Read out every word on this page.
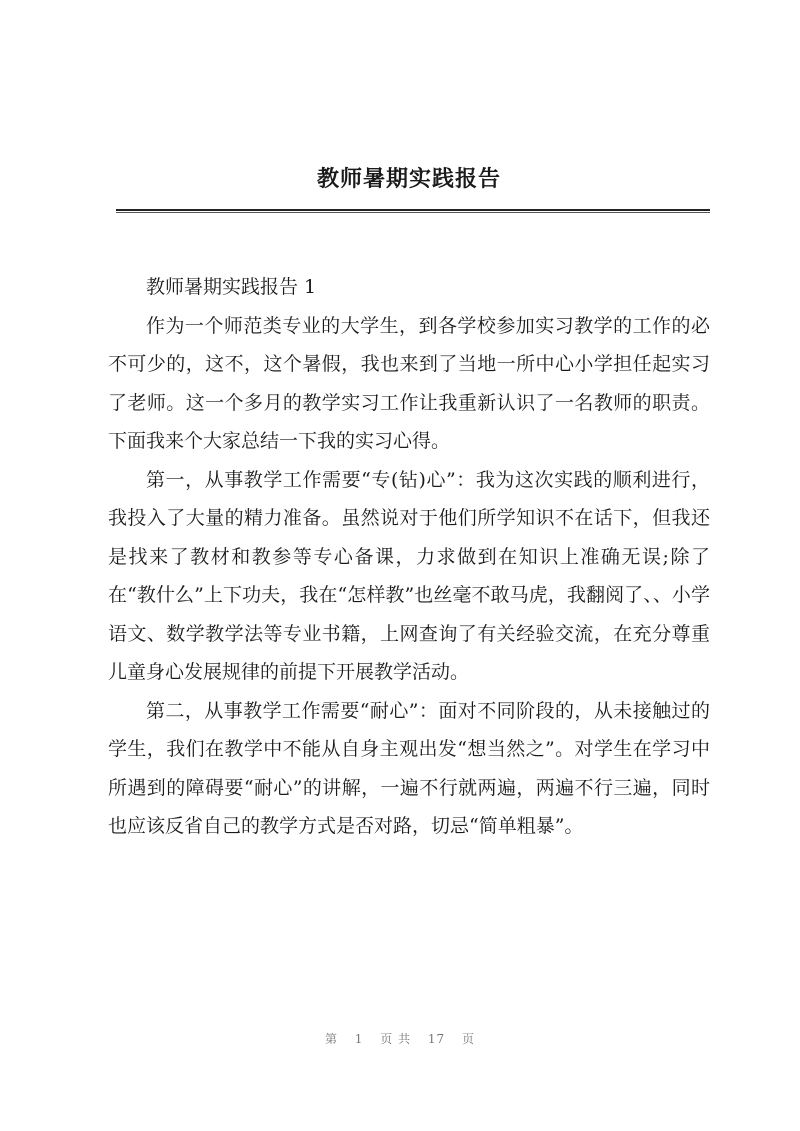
教师暑期实践报告

教师暑期实践报告 1

作为一个师范类专业的大学生，到各学校参加实习教学的工作的必不可少的，这不，这个暑假，我也来到了当地一所中心小学担任起实习了老师。这一个多月的教学实习工作让我重新认识了一名教师的职责。下面我来个大家总结一下我的实习心得。

第一，从事教学工作需要“专(钻)心”：我为这次实践的顺利进行，我投入了大量的精力准备。虽然说对于他们所学知识不在话下，但我还是找来了教材和教参等专心备课，力求做到在知识上准确无误;除了在“教什么”上下功夫，我在“怎样教”也丝毫不敢马虎，我翻阅了、、小学语文、数学教学法等专业书籍，上网查询了有关经验交流，在充分尊重儿童身心发展规律的前提下开展教学活动。

第二，从事教学工作需要“耐心”：面对不同阶段的，从未接触过的学生，我们在教学中不能从自身主观出发“想当然之”。对学生在学习中所遇到的障碍要“耐心”的讲解，一遍不行就两遍，两遍不行三遍，同时也应该反省自己的教学方式是否对路，切忌“简单粗暴”。

第 1 页 共 17 页
